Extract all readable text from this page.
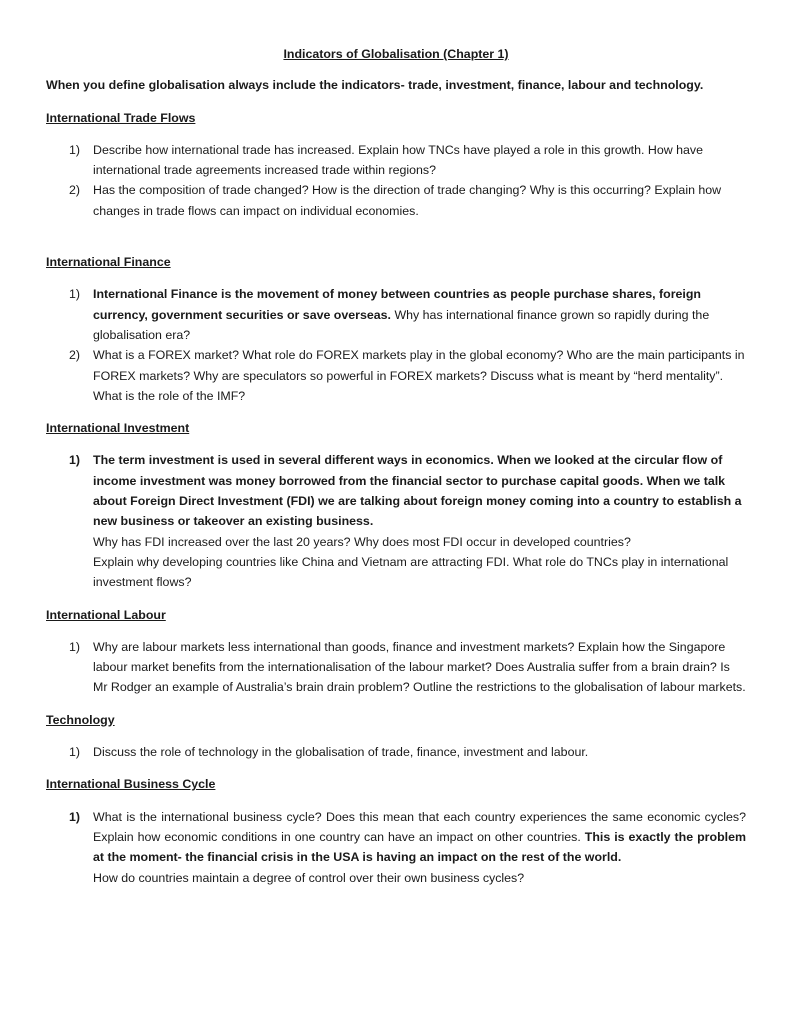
Indicators of Globalisation (Chapter 1)

When you define globalisation always include the indicators- trade, investment, finance, labour and technology.

International Trade Flows

1) Describe how international trade has increased. Explain how TNCs have played a role in this growth. How have international trade agreements increased trade within regions?
2) Has the composition of trade changed? How is the direction of trade changing? Why is this occurring? Explain how changes in trade flows can impact on individual economies.

International Finance

1) International Finance is the movement of money between countries as people purchase shares, foreign currency, government securities or save overseas. Why has international finance grown so rapidly during the globalisation era?
2) What is a FOREX market? What role do FOREX markets play in the global economy? Who are the main participants in FOREX markets? Why are speculators so powerful in FOREX markets? Discuss what is meant by “herd mentality”. What is the role of the IMF?

International Investment

1) The term investment is used in several different ways in economics. When we looked at the circular flow of income investment was money borrowed from the financial sector to purchase capital goods. When we talk about Foreign Direct Investment (FDI) we are talking about foreign money coming into a country to establish a new business or takeover an existing business.
Why has FDI increased over the last 20 years? Why does most FDI occur in developed countries?
Explain why developing countries like China and Vietnam are attracting FDI. What role do TNCs play in international investment flows?

International Labour

1) Why are labour markets less international than goods, finance and investment markets? Explain how the Singapore labour market benefits from the internationalisation of the labour market? Does Australia suffer from a brain drain? Is Mr Rodger an example of Australia’s brain drain problem? Outline the restrictions to the globalisation of labour markets.

Technology

1) Discuss the role of technology in the globalisation of trade, finance, investment and labour.

International Business Cycle

1) What is the international business cycle? Does this mean that each country experiences the same economic cycles? Explain how economic conditions in one country can have an impact on other countries. This is exactly the problem at the moment- the financial crisis in the USA is having an impact on the rest of the world.
How do countries maintain a degree of control over their own business cycles?
